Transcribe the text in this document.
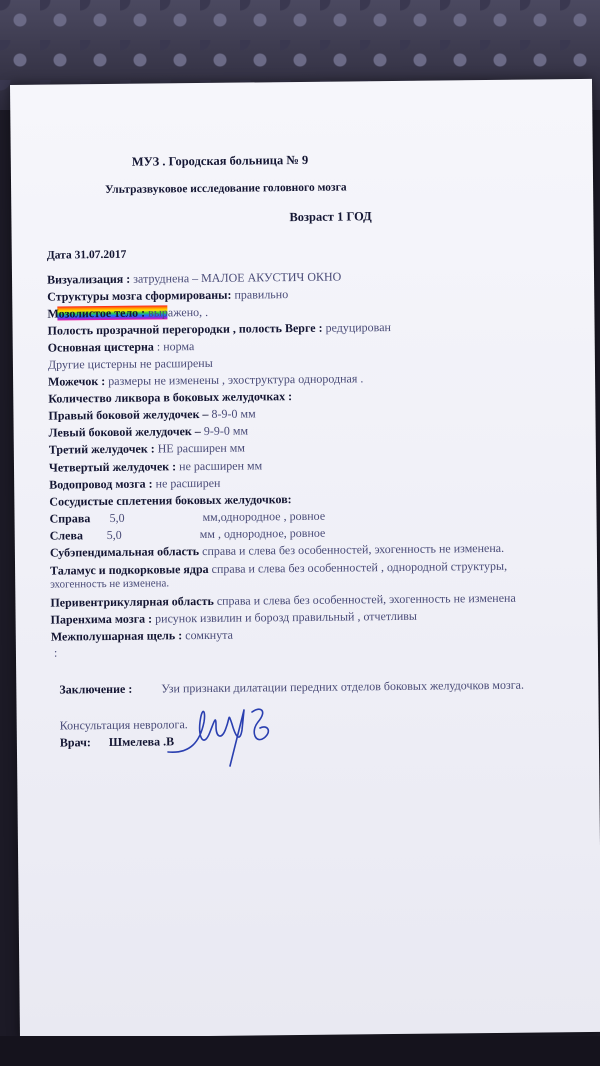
МУЗ . Городская больница № 9
Ультразвуковое исследование головного мозга
Возраст 1 ГОД
Дата 31.07.2017
Визуализация : затруднена – МАЛОЕ АКУСТИЧ ОКНО
Структуры мозга сформированы: правильно
Мозолистое тело : выражено, .
Полость прозрачной перегородки , полость Верге : редуцирован
Основная цистерна : норма
Другие цистерны не расширены
Можечок : размеры не изменены , эхоструктура однородная .
Количество ликвора в боковых желудочках :
Правый боковой желудочек – 8-9-0 мм
Левый боковой желудочек – 9-9-0 мм
Третий желудочек : НЕ расширен мм
Четвертый желудочек : не расширен мм
Водопровод мозга : не расширен
Сосудистые сплетения боковых желудочков:
Справа 5,0	мм,однородное , ровное
Слева 5,0	мм , однородное, ровное
Субэпендимальная область справа и слева без особенностей, эхогенность не изменена.
Таламус и подкорковые ядра справа и слева без особенностей , однородной структуры,
эхогенность не изменена.
Перивентрикулярная область справа и слева без особенностей, эхогенность не изменена
Паренхима мозга : рисунок извилин и борозд правильный , отчетливы
Межполушарная щель : сомкнута
:
Заключение : Узи признаки дилатации передних отделов боковых желудочков мозга.
Консультация невролога.
Врач: Шмелева .В
